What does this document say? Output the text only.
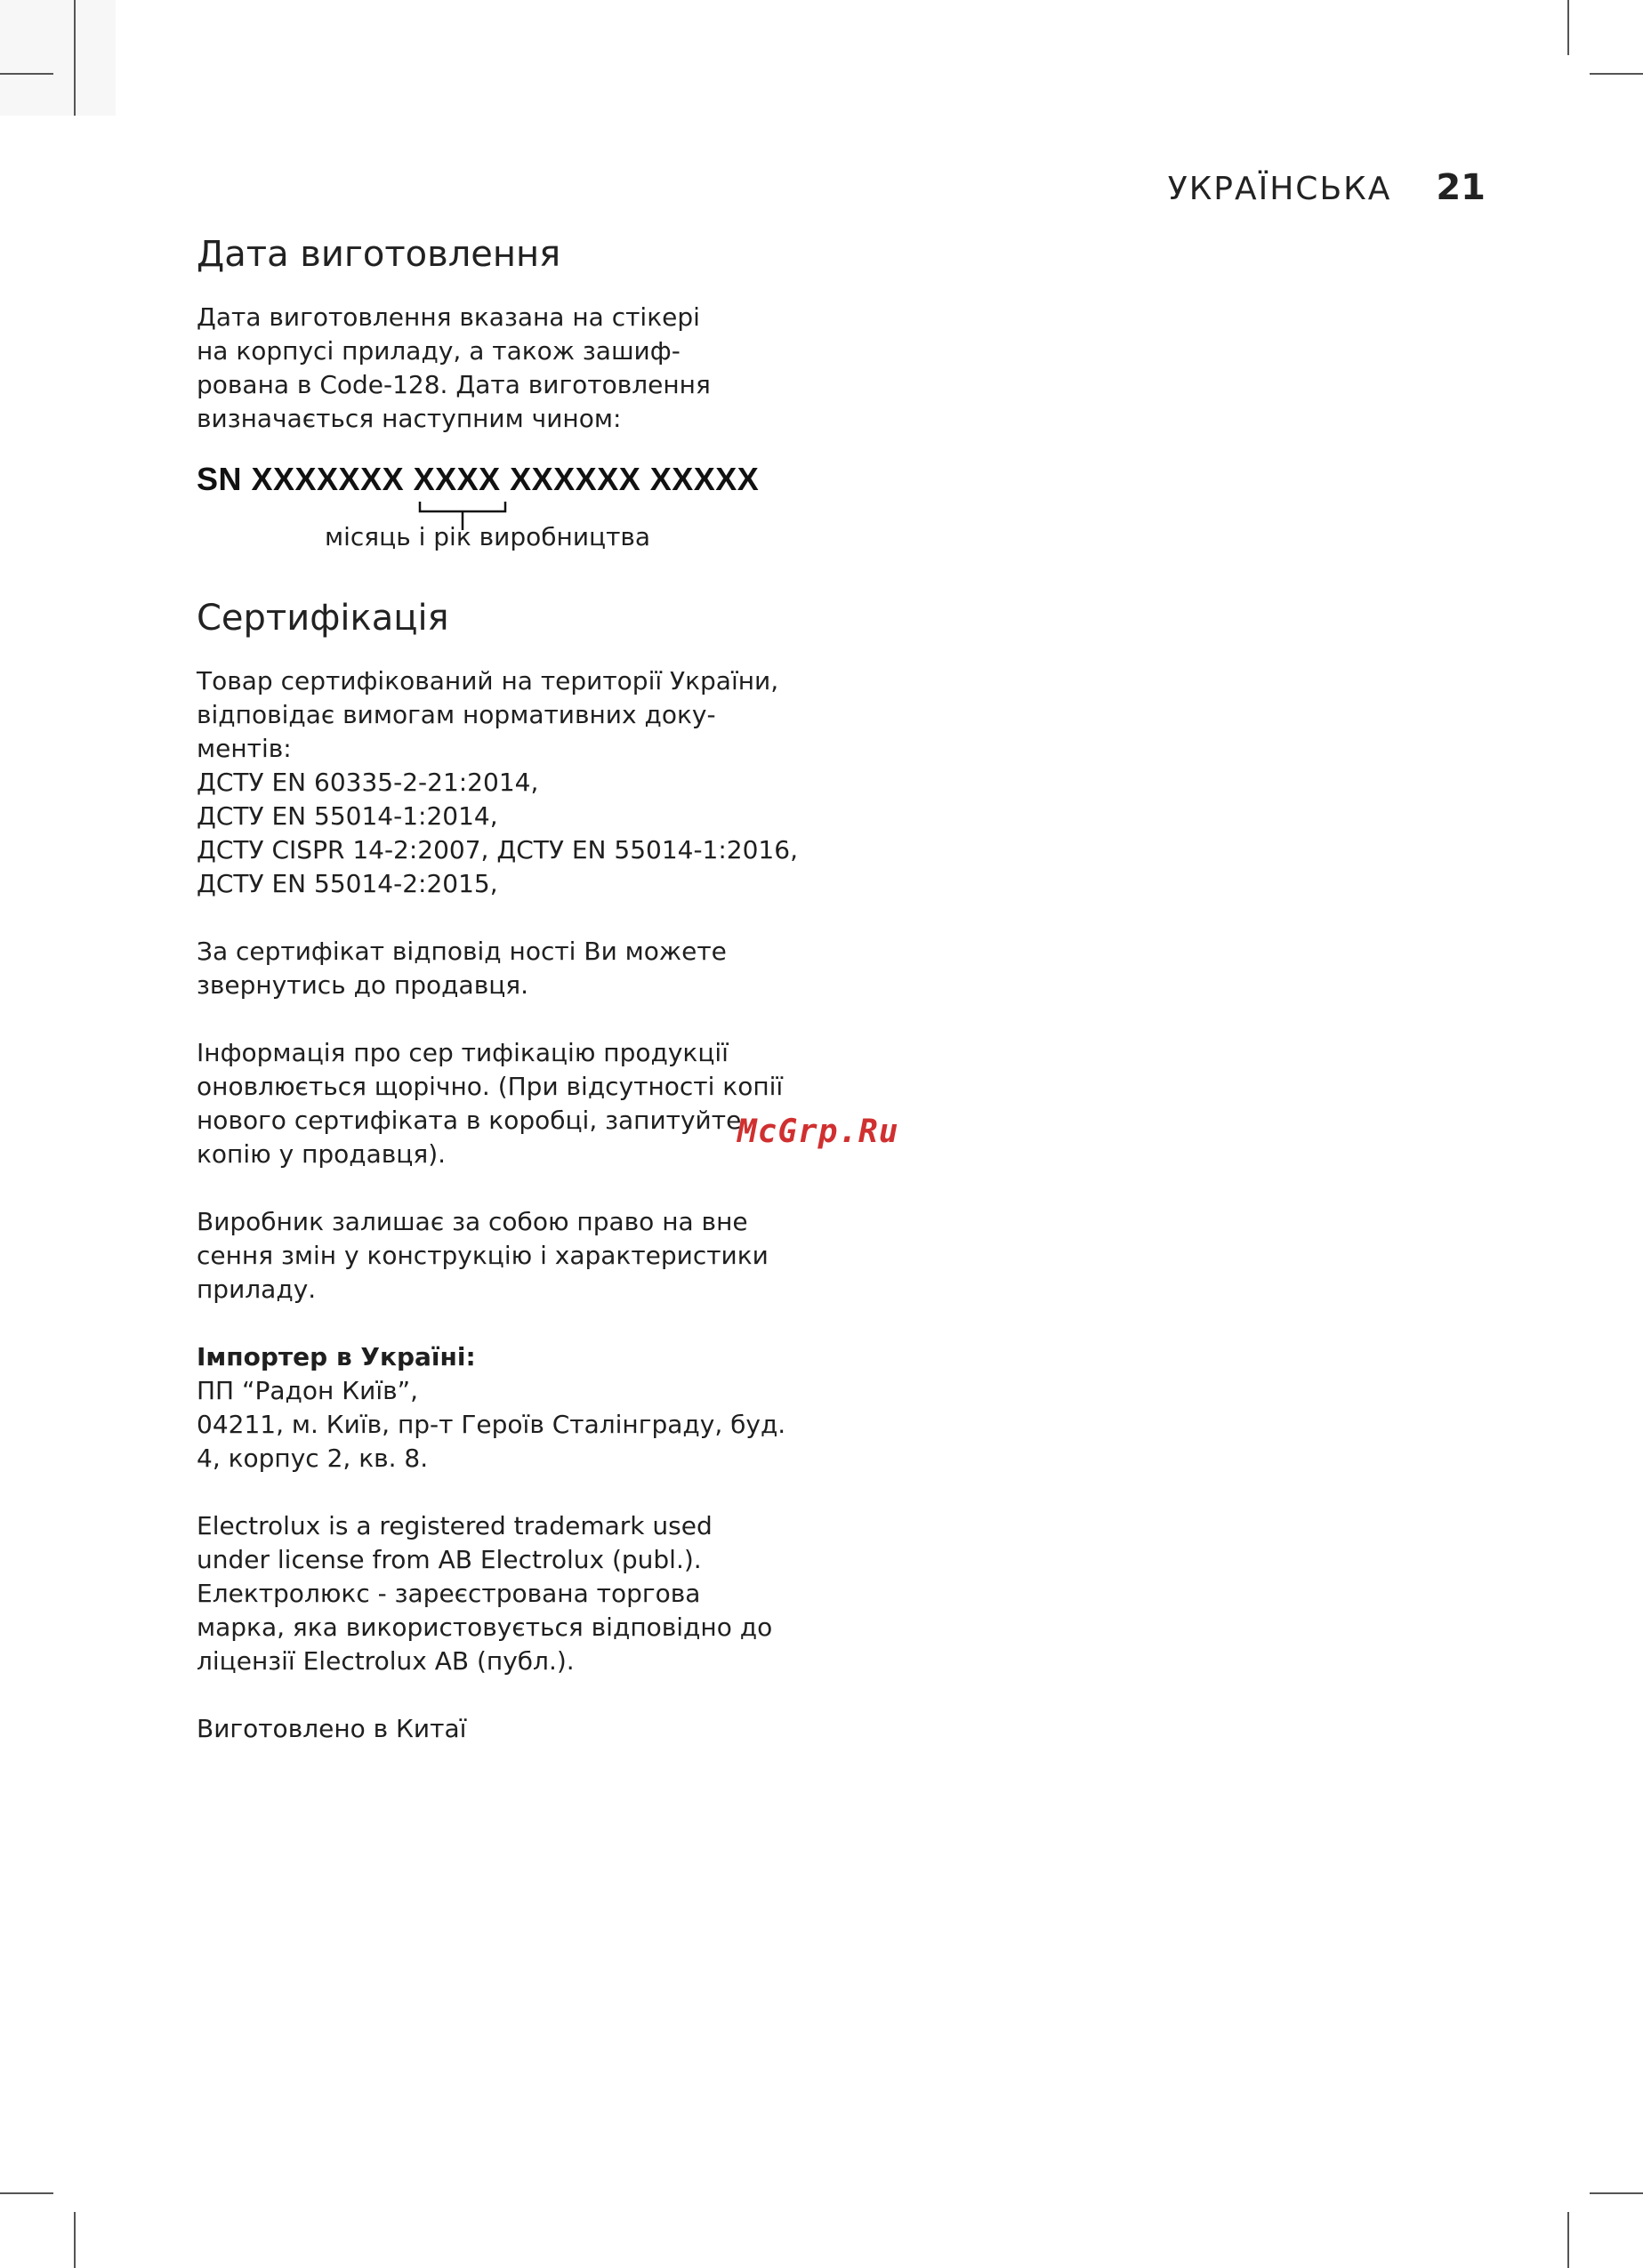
УКРАЇНСЬКА 21
Дата виготовлення

Дата виготовлення вказана на стікері

на корпусі приладу, а також зашиф-

рована в Code-128. Дата виготовлення

визначається наступним чином:

SN XXXXXXX XXXX XXXXXX XXXXX
місяць і рік виробництва
Сертифікація

Товар сертифікований на території України,

відповідає вимогам нормативних доку-

ментів:

ДСТУ EN 60335-2-21:2014,

ДСТУ EN 55014-1:2014,

ДСТУ CISPR 14-2:2007, ДСТУ EN 55014-1:2016,

ДСТУ EN 55014-2:2015,

За сертифікат відповід ності Ви можете

звернутись до продавця.

Інформація про сер тифікацію продукції

оновлюється щорічно. (При відсутності копії

нового сертифіката в коробці, запитуйте

копію у продавця).

Виробник залишає за собою право на вне

сення змін у конструкцію і характеристики

приладу.

Імпортер в Україні:

ПП “Радон Київ”,

04211, м. Київ, пр-т Героїв Сталінграду, буд.

4, корпус 2, кв. 8.

Electrolux is a registered trademark used

under license from AB Electrolux (publ.).

Електролюкс - зареєстрована торгова

марка, яка використовується відповідно до

ліцензії Electrolux AB (публ.).

Виготовлено в Китаї

McGrp.Ru
